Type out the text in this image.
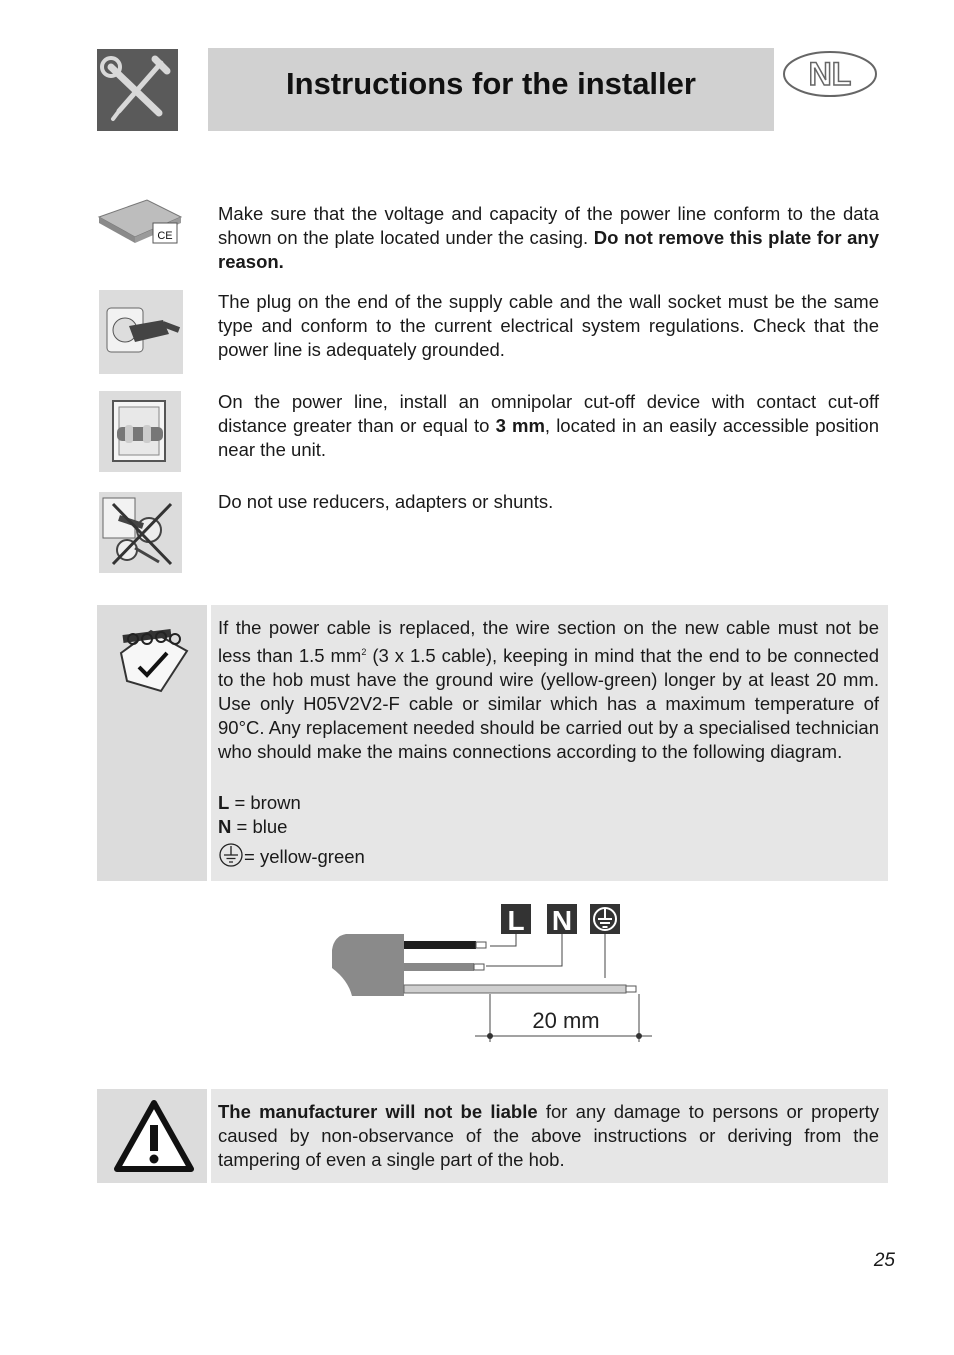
Instructions for the installer	NL
CE

Make sure that the voltage and capacity of the power line conform to the data shown on the plate located under the casing. Do not remove this plate for any reason.

The plug on the end of the supply cable and the wall socket must be the same type and conform to the current electrical system regulations. Check that the power line is adequately grounded.

On the power line, install an omnipolar cut-off device with contact cut-off distance greater than or equal to 3 mm, located in an easily accessible position near the unit.

Do not use reducers, adapters or shunts.

If the power cable is replaced, the wire section on the new cable must not be less than 1.5 $mm^2$ (3 x 1.5 cable), keeping in mind that the end to be connected to the hob must have the ground wire (yellow-green) longer by at least 20 mm. Use only H05V2V2-F cable or similar which has a maximum temperature of 90°C. Any replacement needed should be carried out by a specialised technician who should make the mains connections according to the following diagram.

L = brown
N = blue
= yellow-green
L N
20 mm

The manufacturer will not be liable for any damage to persons or property caused by non-observance of the above instructions or deriving from the tampering of even a single part of the hob.

25
